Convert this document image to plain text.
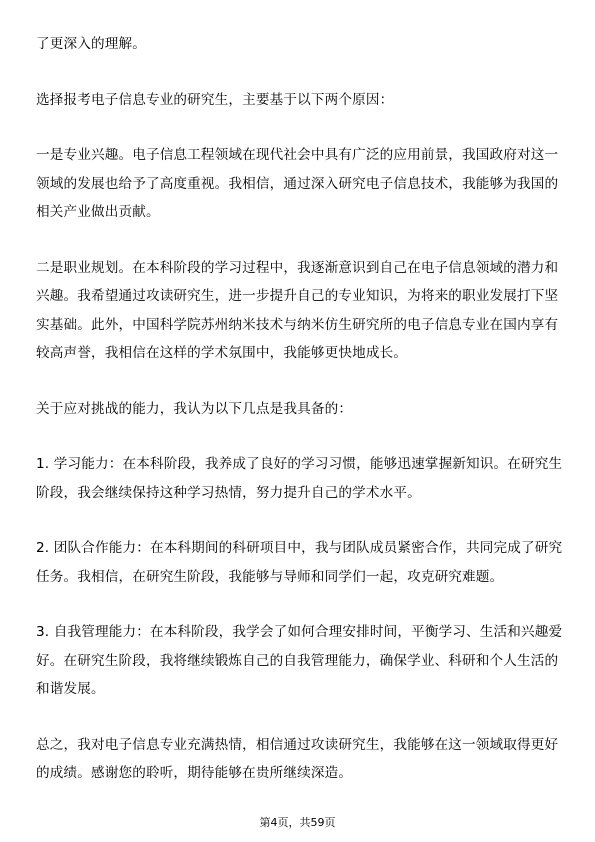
了更深入的理解。

选择报考电子信息专业的研究生，主要基于以下两个原因：

一是专业兴趣。电子信息工程领域在现代社会中具有广泛的应用前景，我国政府对这一领域的发展也给予了高度重视。我相信，通过深入研究电子信息技术，我能够为我国的相关产业做出贡献。

二是职业规划。在本科阶段的学习过程中，我逐渐意识到自己在电子信息领域的潜力和兴趣。我希望通过攻读研究生，进一步提升自己的专业知识，为将来的职业发展打下坚实基础。此外，中国科学院苏州纳米技术与纳米仿生研究所的电子信息专业在国内享有较高声誉，我相信在这样的学术氛围中，我能够更快地成长。

关于应对挑战的能力，我认为以下几点是我具备的：

1. 学习能力：在本科阶段，我养成了良好的学习习惯，能够迅速掌握新知识。在研究生阶段，我会继续保持这种学习热情，努力提升自己的学术水平。

2. 团队合作能力：在本科期间的科研项目中，我与团队成员紧密合作，共同完成了研究任务。我相信，在研究生阶段，我能够与导师和同学们一起，攻克研究难题。

3. 自我管理能力：在本科阶段，我学会了如何合理安排时间，平衡学习、生活和兴趣爱好。在研究生阶段，我将继续锻炼自己的自我管理能力，确保学业、科研和个人生活的和谐发展。

总之，我对电子信息专业充满热情，相信通过攻读研究生，我能够在这一领域取得更好的成绩。感谢您的聆听，期待能够在贵所继续深造。

第4页，共59页
